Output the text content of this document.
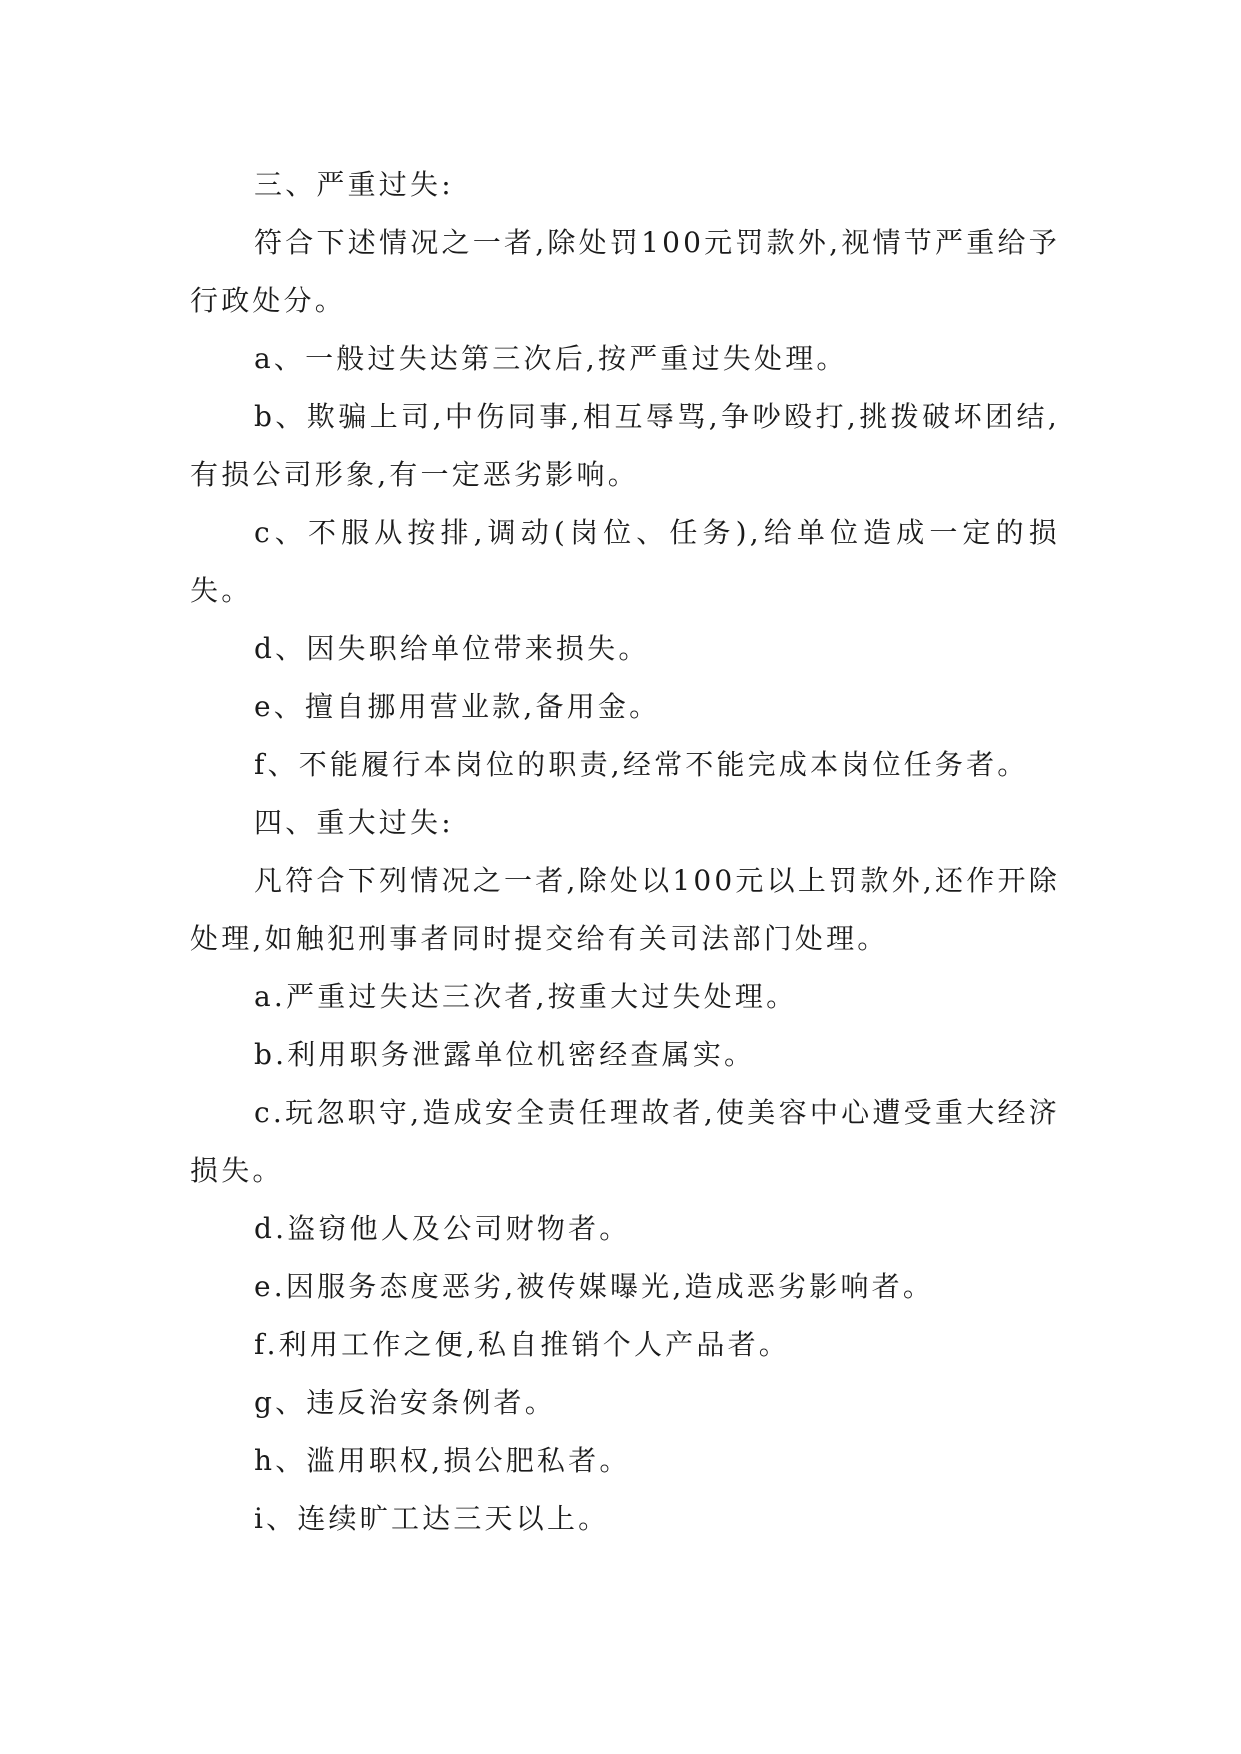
三、严重过失:

符合下述情况之一者,除处罚100元罚款外,视情节严重给予行政处分。

a、一般过失达第三次后,按严重过失处理。

b、欺骗上司,中伤同事,相互辱骂,争吵殴打,挑拨破坏团结,有损公司形象,有一定恶劣影响。

c、不服从按排,调动(岗位、任务),给单位造成一定的损失。

d、因失职给单位带来损失。

e、擅自挪用营业款,备用金。

f、不能履行本岗位的职责,经常不能完成本岗位任务者。

四、重大过失:

凡符合下列情况之一者,除处以100元以上罚款外,还作开除处理,如触犯刑事者同时提交给有关司法部门处理。

a.严重过失达三次者,按重大过失处理。

b.利用职务泄露单位机密经查属实。

c.玩忽职守,造成安全责任理故者,使美容中心遭受重大经济损失。

d.盗窃他人及公司财物者。

e.因服务态度恶劣,被传媒曝光,造成恶劣影响者。

f.利用工作之便,私自推销个人产品者。

g、违反治安条例者。

h、滥用职权,损公肥私者。

i、连续旷工达三天以上。
